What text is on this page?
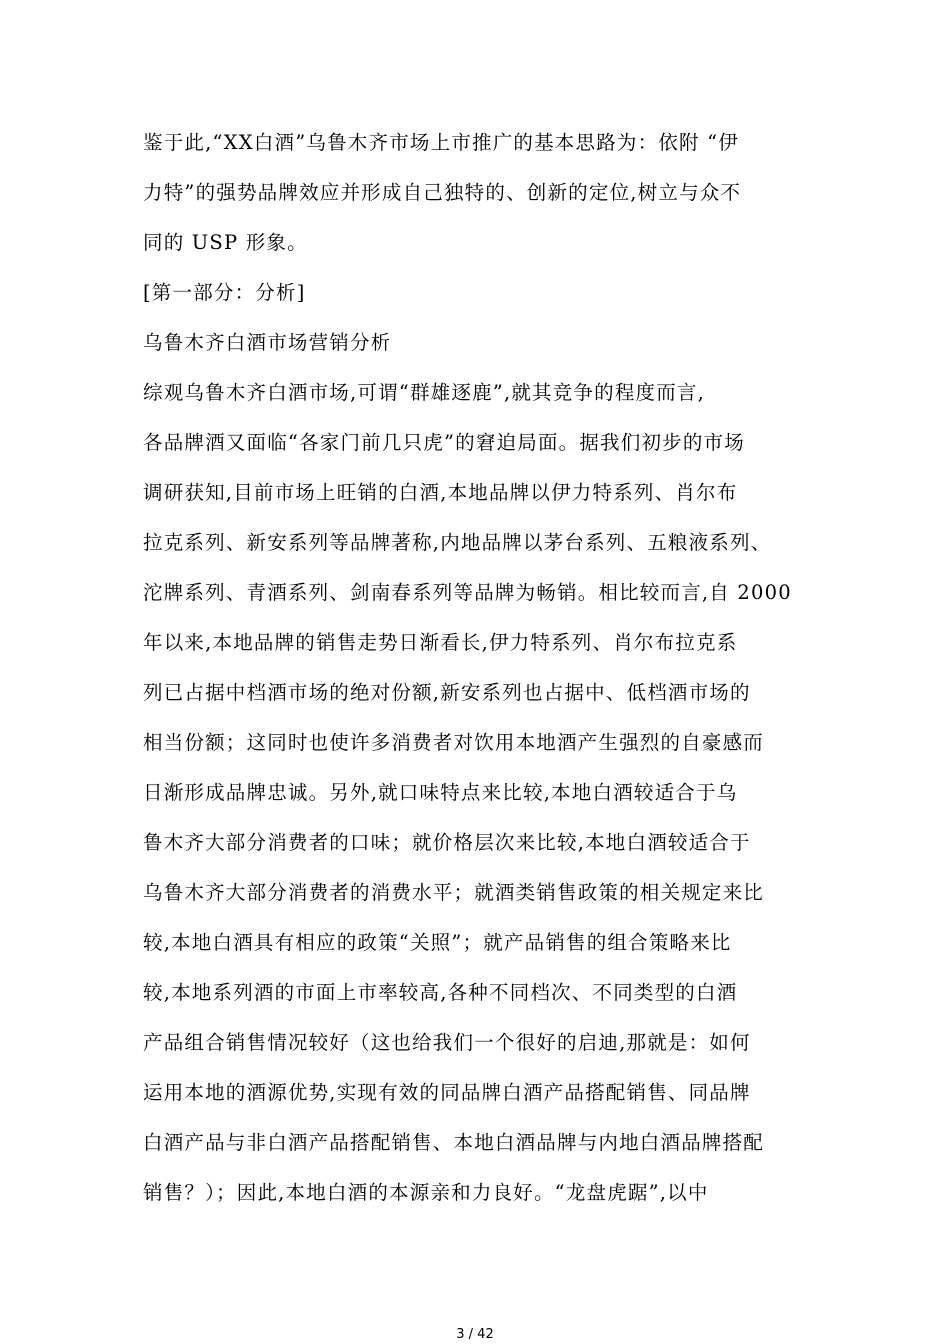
鉴于此,“XX白酒”乌鲁木齐市场上市推广的基本思路为：依附 “伊
力特”的强势品牌效应并形成自己独特的、创新的定位,树立与众不
同的 USP 形象。
[第一部分：分析]
乌鲁木齐白酒市场营销分析
综观乌鲁木齐白酒市场,可谓“群雄逐鹿”,就其竞争的程度而言,
各品牌酒又面临“各家门前几只虎”的窘迫局面。据我们初步的市场
调研获知,目前市场上旺销的白酒,本地品牌以伊力特系列、肖尔布
拉克系列、新安系列等品牌著称,内地品牌以茅台系列、五粮液系列、
沱牌系列、青酒系列、剑南春系列等品牌为畅销。相比较而言,自 2000
年以来,本地品牌的销售走势日渐看长,伊力特系列、肖尔布拉克系
列已占据中档酒市场的绝对份额,新安系列也占据中、低档酒市场的
相当份额；这同时也使许多消费者对饮用本地酒产生强烈的自豪感而
日渐形成品牌忠诚。另外,就口味特点来比较,本地白酒较适合于乌
鲁木齐大部分消费者的口味；就价格层次来比较,本地白酒较适合于
乌鲁木齐大部分消费者的消费水平；就酒类销售政策的相关规定来比
较,本地白酒具有相应的政策“关照”；就产品销售的组合策略来比
较,本地系列酒的市面上市率较高,各种不同档次、不同类型的白酒
产品组合销售情况较好（这也给我们一个很好的启迪,那就是：如何
运用本地的酒源优势,实现有效的同品牌白酒产品搭配销售、同品牌
白酒产品与非白酒产品搭配销售、本地白酒品牌与内地白酒品牌搭配
销售？）；因此,本地白酒的本源亲和力良好。“龙盘虎踞”,以中
3 / 42
